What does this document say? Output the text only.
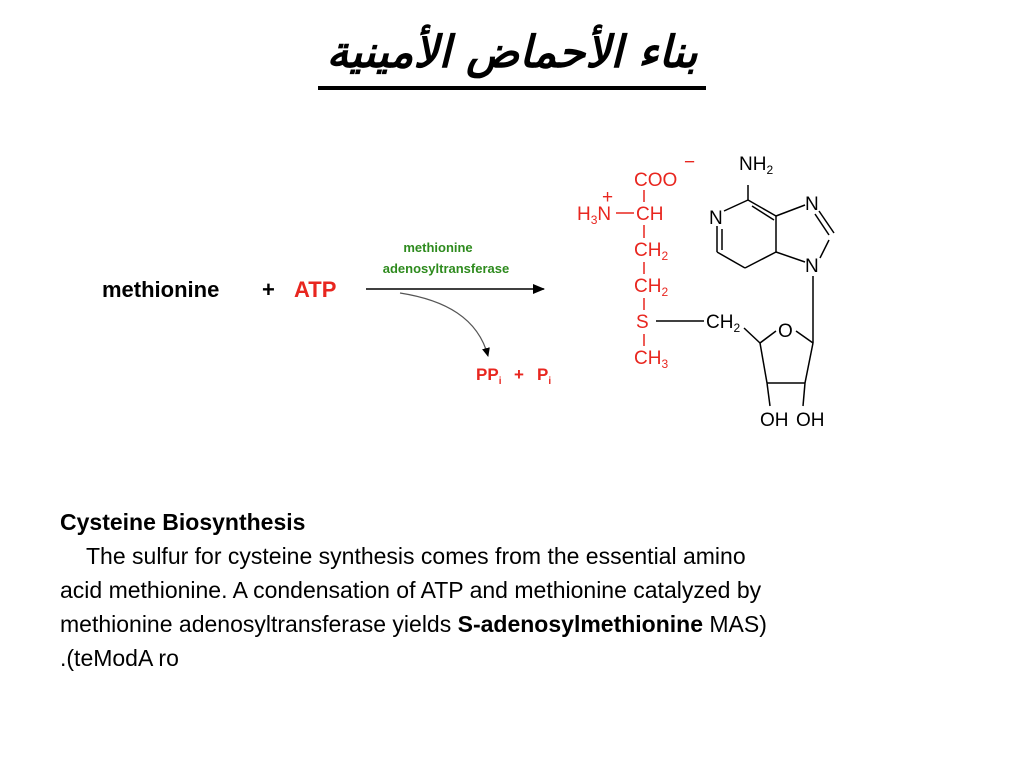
بناء الأحماض الأمينية
methionine + ATP
methionine
adenosyltransferase
$PP_i + P_i$
COO
−
+
$H_3N$ CH
$CH_2$
$CH_2$
S
$CH_3$
$CH_2$ O
OH OH
$NH_2$
N
N
N
Cysteine Biosynthesis
The sulfur for cysteine synthesis comes from the essential amino
acid methionine. A condensation of ATP and methionine catalyzed by
methionine adenosyltransferase yields S-adenosylmethionine MAS)
.(teModA ro
